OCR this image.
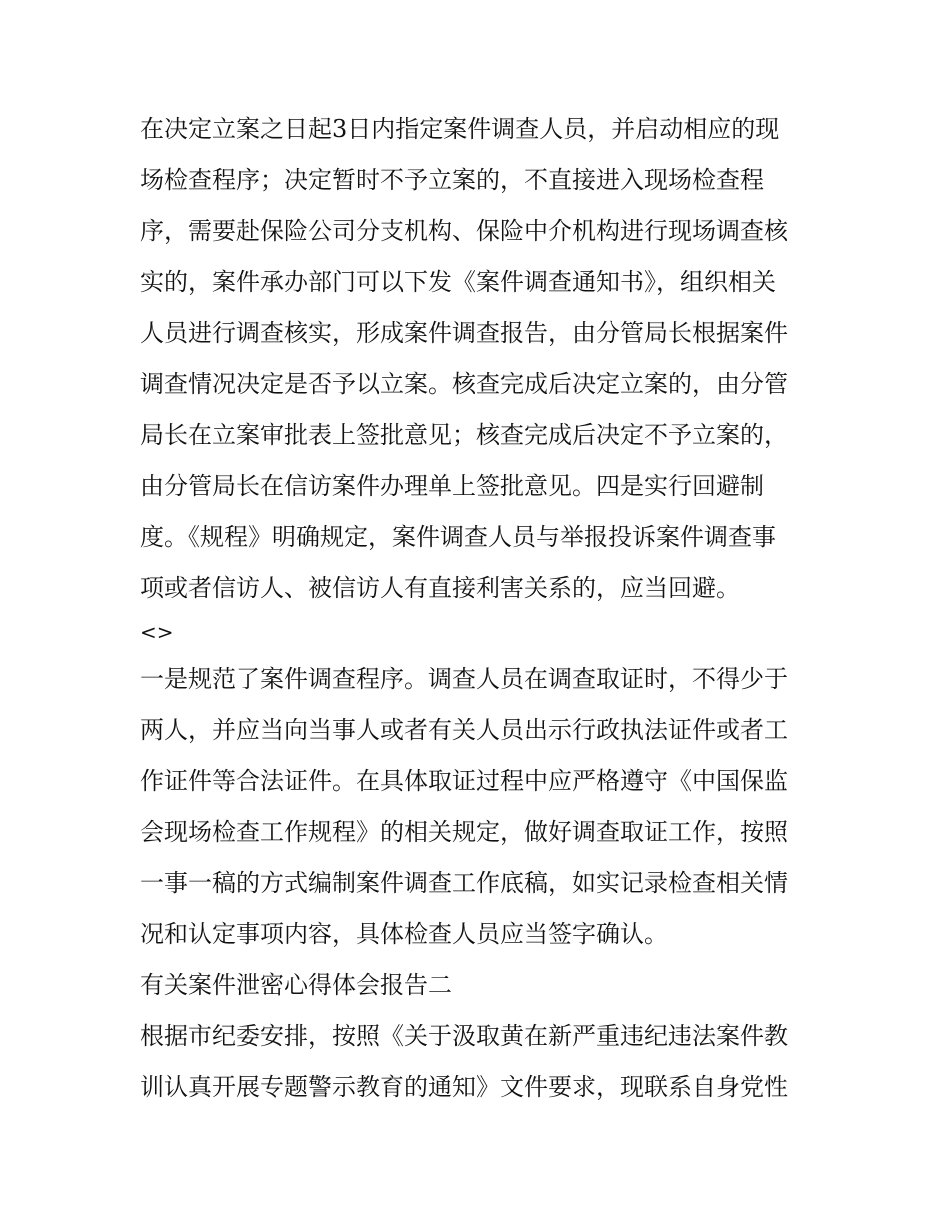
在决定立案之日起3日内指定案件调查人员，并启动相应的现
场检查程序；决定暂时不予立案的，不直接进入现场检查程
序，需要赴保险公司分支机构、保险中介机构进行现场调查核
实的，案件承办部门可以下发《案件调查通知书》，组织相关
人员进行调查核实，形成案件调查报告，由分管局长根据案件
调查情况决定是否予以立案。核查完成后决定立案的，由分管
局长在立案审批表上签批意见；核查完成后决定不予立案的，
由分管局长在信访案件办理单上签批意见。四是实行回避制
度。《规程》明确规定，案件调查人员与举报投诉案件调查事
项或者信访人、被信访人有直接利害关系的，应当回避。
<>
一是规范了案件调查程序。调查人员在调查取证时，不得少于
两人，并应当向当事人或者有关人员出示行政执法证件或者工
作证件等合法证件。在具体取证过程中应严格遵守《中国保监
会现场检查工作规程》的相关规定，做好调查取证工作，按照
一事一稿的方式编制案件调查工作底稿，如实记录检查相关情
况和认定事项内容，具体检查人员应当签字确认。
有关案件泄密心得体会报告二
根据市纪委安排，按照《关于汲取黄在新严重违纪违法案件教
训认真开展专题警示教育的通知》文件要求，现联系自身党性
